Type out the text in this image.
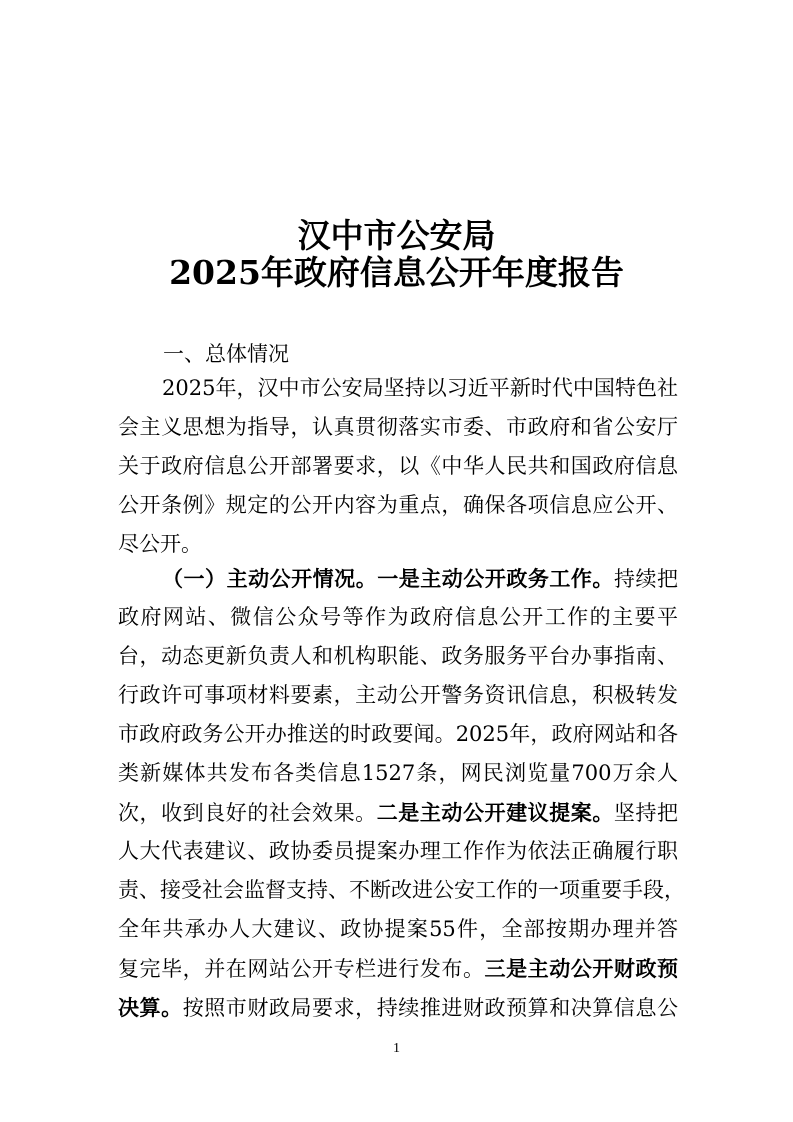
汉中市公安局
2025年政府信息公开年度报告
一、总体情况
2025年，汉中市公安局坚持以习近平新时代中国特色社
会主义思想为指导，认真贯彻落实市委、市政府和省公安厅
关于政府信息公开部署要求，以《中华人民共和国政府信息
公开条例》规定的公开内容为重点，确保各项信息应公开、
尽公开。
（一）主动公开情况。一是主动公开政务工作。持续把
政府网站、微信公众号等作为政府信息公开工作的主要平
台，动态更新负责人和机构职能、政务服务平台办事指南、
行政许可事项材料要素，主动公开警务资讯信息，积极转发
市政府政务公开办推送的时政要闻。2025年，政府网站和各
类新媒体共发布各类信息1527条，网民浏览量700万余人
次，收到良好的社会效果。二是主动公开建议提案。坚持把
人大代表建议、政协委员提案办理工作作为依法正确履行职
责、接受社会监督支持、不断改进公安工作的一项重要手段，
全年共承办人大建议、政协提案55件，全部按期办理并答
复完毕，并在网站公开专栏进行发布。三是主动公开财政预
决算。按照市财政局要求，持续推进财政预算和决算信息公
1
